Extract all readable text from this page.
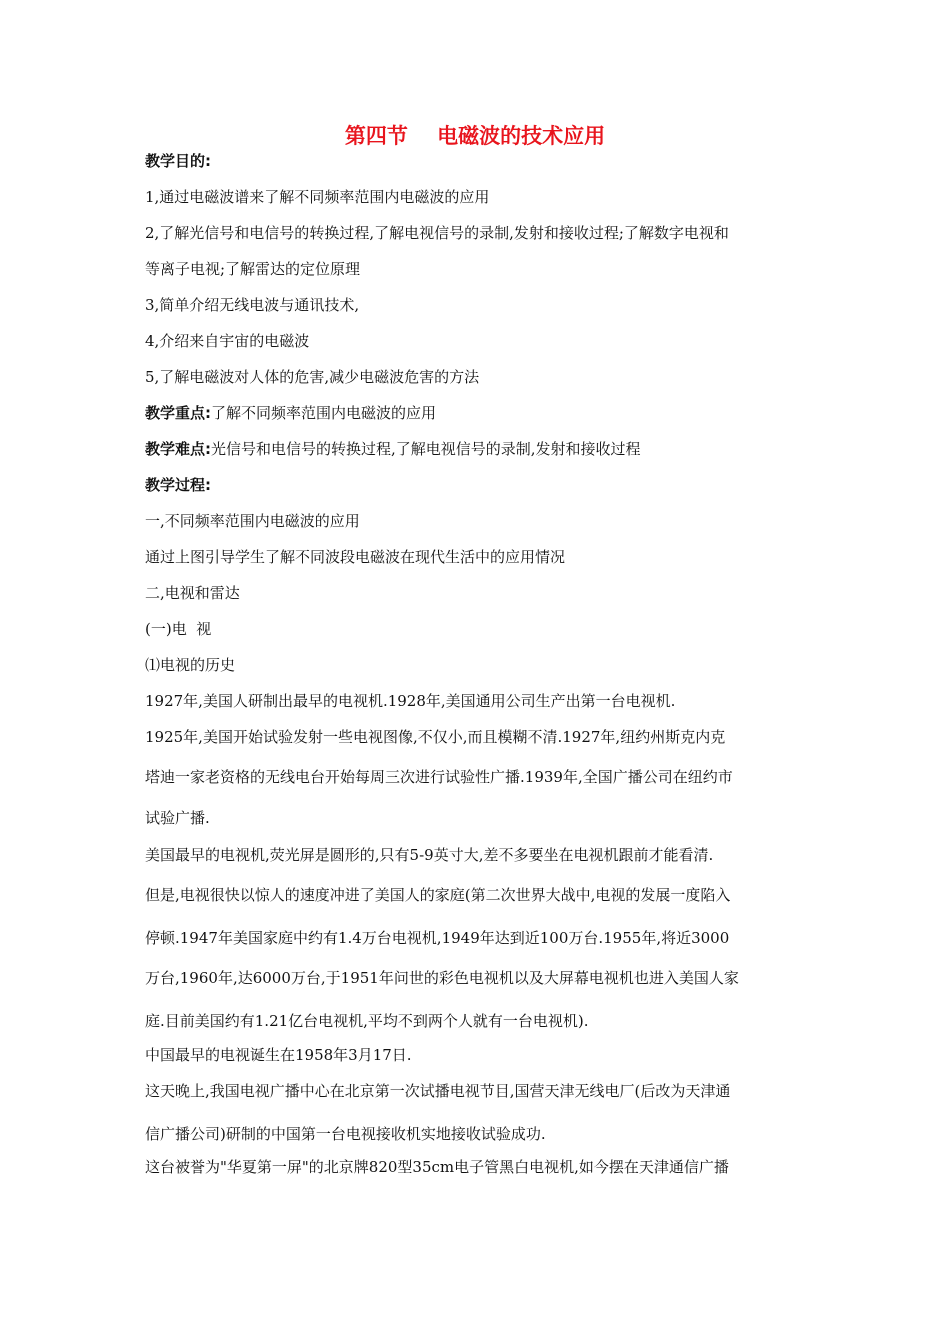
第四节    电磁波的技术应用
教学目的:
1,通过电磁波谱来了解不同频率范围内电磁波的应用
2,了解光信号和电信号的转换过程,了解电视信号的录制,发射和接收过程;了解数字电视和
等离子电视;了解雷达的定位原理
3,简单介绍无线电波与通讯技术,
4,介绍来自宇宙的电磁波
5,了解电磁波对人体的危害,减少电磁波危害的方法
教学重点:了解不同频率范围内电磁波的应用
教学难点:光信号和电信号的转换过程,了解电视信号的录制,发射和接收过程
教学过程:
一,不同频率范围内电磁波的应用
通过上图引导学生了解不同波段电磁波在现代生活中的应用情况
二,电视和雷达
(一)电  视
⑴电视的历史
1927年,美国人研制出最早的电视机.1928年,美国通用公司生产出第一台电视机.
1925年,美国开始试验发射一些电视图像,不仅小,而且模糊不清.1927年,纽约州斯克内克
塔迪一家老资格的无线电台开始每周三次进行试验性广播.1939年,全国广播公司在纽约市
试验广播.
美国最早的电视机,荧光屏是圆形的,只有5-9英寸大,差不多要坐在电视机跟前才能看清.
但是,电视很快以惊人的速度冲进了美国人的家庭(第二次世界大战中,电视的发展一度陷入
停顿.1947年美国家庭中约有1.4万台电视机,1949年达到近100万台.1955年,将近3000
万台,1960年,达6000万台,于1951年问世的彩色电视机以及大屏幕电视机也进入美国人家
庭.目前美国约有1.21亿台电视机,平均不到两个人就有一台电视机).
中国最早的电视诞生在1958年3月17日.
这天晚上,我国电视广播中心在北京第一次试播电视节目,国营天津无线电厂(后改为天津通
信广播公司)研制的中国第一台电视接收机实地接收试验成功.
这台被誉为"华夏第一屏"的北京牌820型35cm电子管黑白电视机,如今摆在天津通信广播
